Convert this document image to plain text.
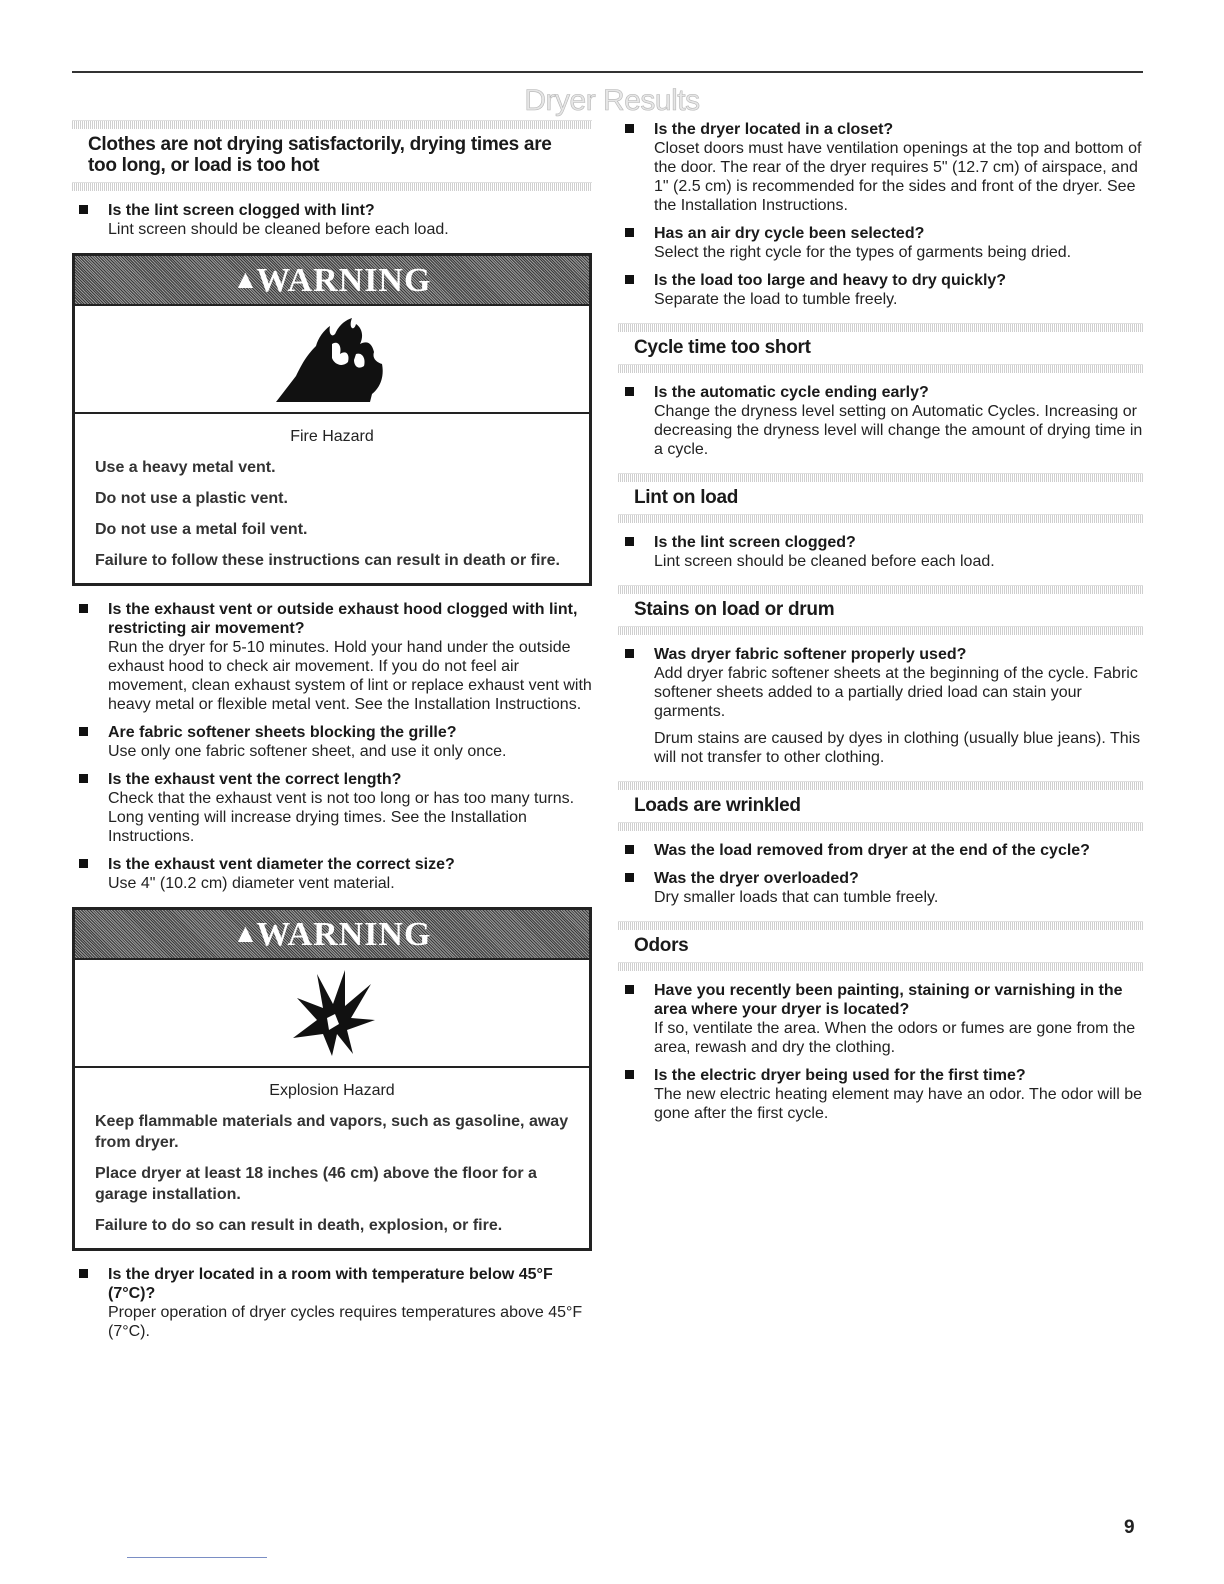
Dryer Results
Clothes are not drying satisfactorily, drying times are too long, or load is too hot
Is the lint screen clogged with lint?
Lint screen should be cleaned before each load.
▲WARNING
Fire Hazard
Use a heavy metal vent.
Do not use a plastic vent.
Do not use a metal foil vent.
Failure to follow these instructions can result in death or fire.
Is the exhaust vent or outside exhaust hood clogged with lint, restricting air movement?
Run the dryer for 5-10 minutes. Hold your hand under the outside exhaust hood to check air movement. If you do not feel air movement, clean exhaust system of lint or replace exhaust vent with heavy metal or flexible metal vent. See the Installation Instructions.
Are fabric softener sheets blocking the grille?
Use only one fabric softener sheet, and use it only once.
Is the exhaust vent the correct length?
Check that the exhaust vent is not too long or has too many turns. Long venting will increase drying times. See the Installation Instructions.
Is the exhaust vent diameter the correct size?
Use 4" (10.2 cm) diameter vent material.
▲WARNING
Explosion Hazard
Keep flammable materials and vapors, such as gasoline, away from dryer.
Place dryer at least 18 inches (46 cm) above the floor for a garage installation.
Failure to do so can result in death, explosion, or fire.
Is the dryer located in a room with temperature below 45°F (7°C)?
Proper operation of dryer cycles requires temperatures above 45°F (7°C).
Is the dryer located in a closet?
Closet doors must have ventilation openings at the top and bottom of the door. The rear of the dryer requires 5" (12.7 cm) of airspace, and 1" (2.5 cm) is recommended for the sides and front of the dryer. See the Installation Instructions.
Has an air dry cycle been selected?
Select the right cycle for the types of garments being dried.
Is the load too large and heavy to dry quickly?
Separate the load to tumble freely.
Cycle time too short
Is the automatic cycle ending early?
Change the dryness level setting on Automatic Cycles. Increasing or decreasing the dryness level will change the amount of drying time in a cycle.
Lint on load
Is the lint screen clogged?
Lint screen should be cleaned before each load.
Stains on load or drum
Was dryer fabric softener properly used?
Add dryer fabric softener sheets at the beginning of the cycle. Fabric softener sheets added to a partially dried load can stain your garments.
Drum stains are caused by dyes in clothing (usually blue jeans). This will not transfer to other clothing.
Loads are wrinkled
Was the load removed from dryer at the end of the cycle?
Was the dryer overloaded?
Dry smaller loads that can tumble freely.
Odors
Have you recently been painting, staining or varnishing in the area where your dryer is located?
If so, ventilate the area. When the odors or fumes are gone from the area, rewash and dry the clothing.
Is the electric dryer being used for the first time?
The new electric heating element may have an odor. The odor will be gone after the first cycle.
9
